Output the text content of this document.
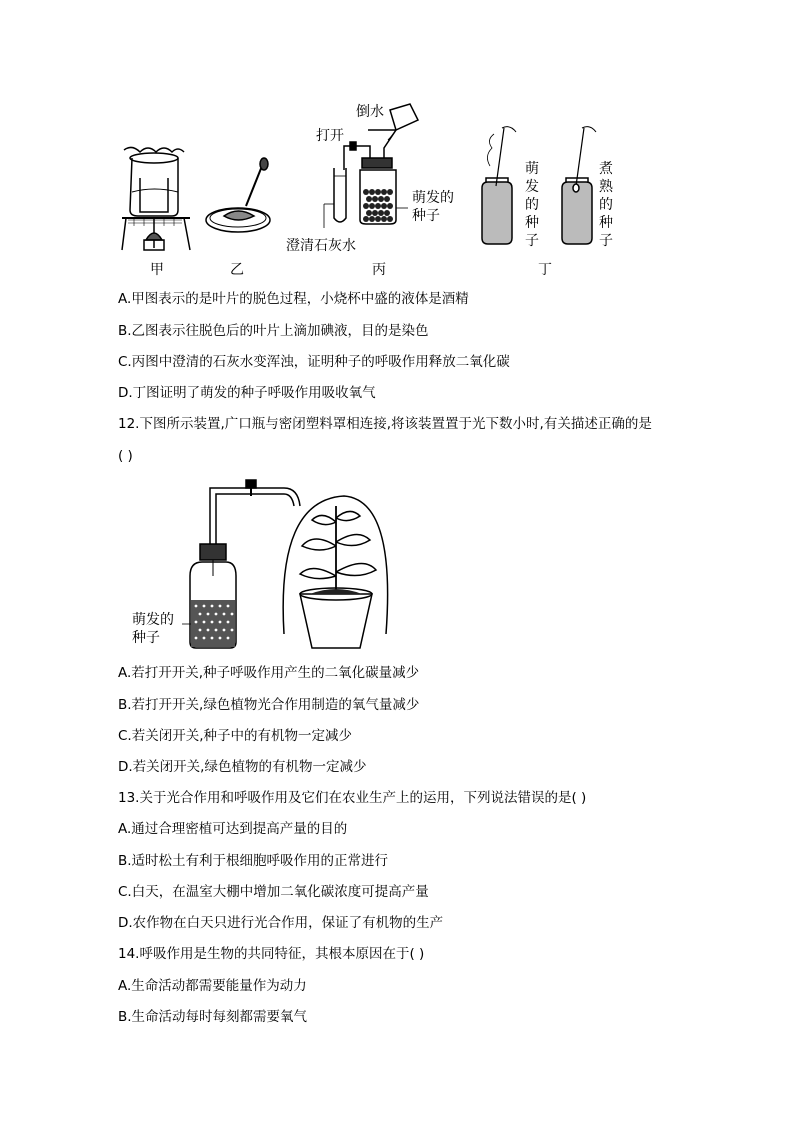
甲	乙
倒水
打开
澄清石灰水
萌发的
种子
丙
萌
发
的
种
子
煮
熟
的
种
子
丁
A.甲图表示的是叶片的脱色过程，小烧杯中盛的液体是酒精
B.乙图表示往脱色后的叶片上滴加碘液，目的是染色
C.丙图中澄清的石灰水变浑浊，证明种子的呼吸作用释放二氧化碳
D.丁图证明了萌发的种子呼吸作用吸收氧气
12.下图所示装置,广口瓶与密闭塑料罩相连接,将该装置置于光下数小时,有关描述正确的是
( )
萌发的
种子
A.若打开开关,种子呼吸作用产生的二氧化碳量减少
B.若打开开关,绿色植物光合作用制造的氧气量减少
C.若关闭开关,种子中的有机物一定减少
D.若关闭开关,绿色植物的有机物一定减少
13.关于光合作用和呼吸作用及它们在农业生产上的运用，下列说法错误的是( )
A.通过合理密植可达到提高产量的目的
B.适时松土有利于根细胞呼吸作用的正常进行
C.白天，在温室大棚中增加二氧化碳浓度可提高产量
D.农作物在白天只进行光合作用，保证了有机物的生产
14.呼吸作用是生物的共同特征，其根本原因在于( )
A.生命活动都需要能量作为动力
B.生命活动每时每刻都需要氧气
